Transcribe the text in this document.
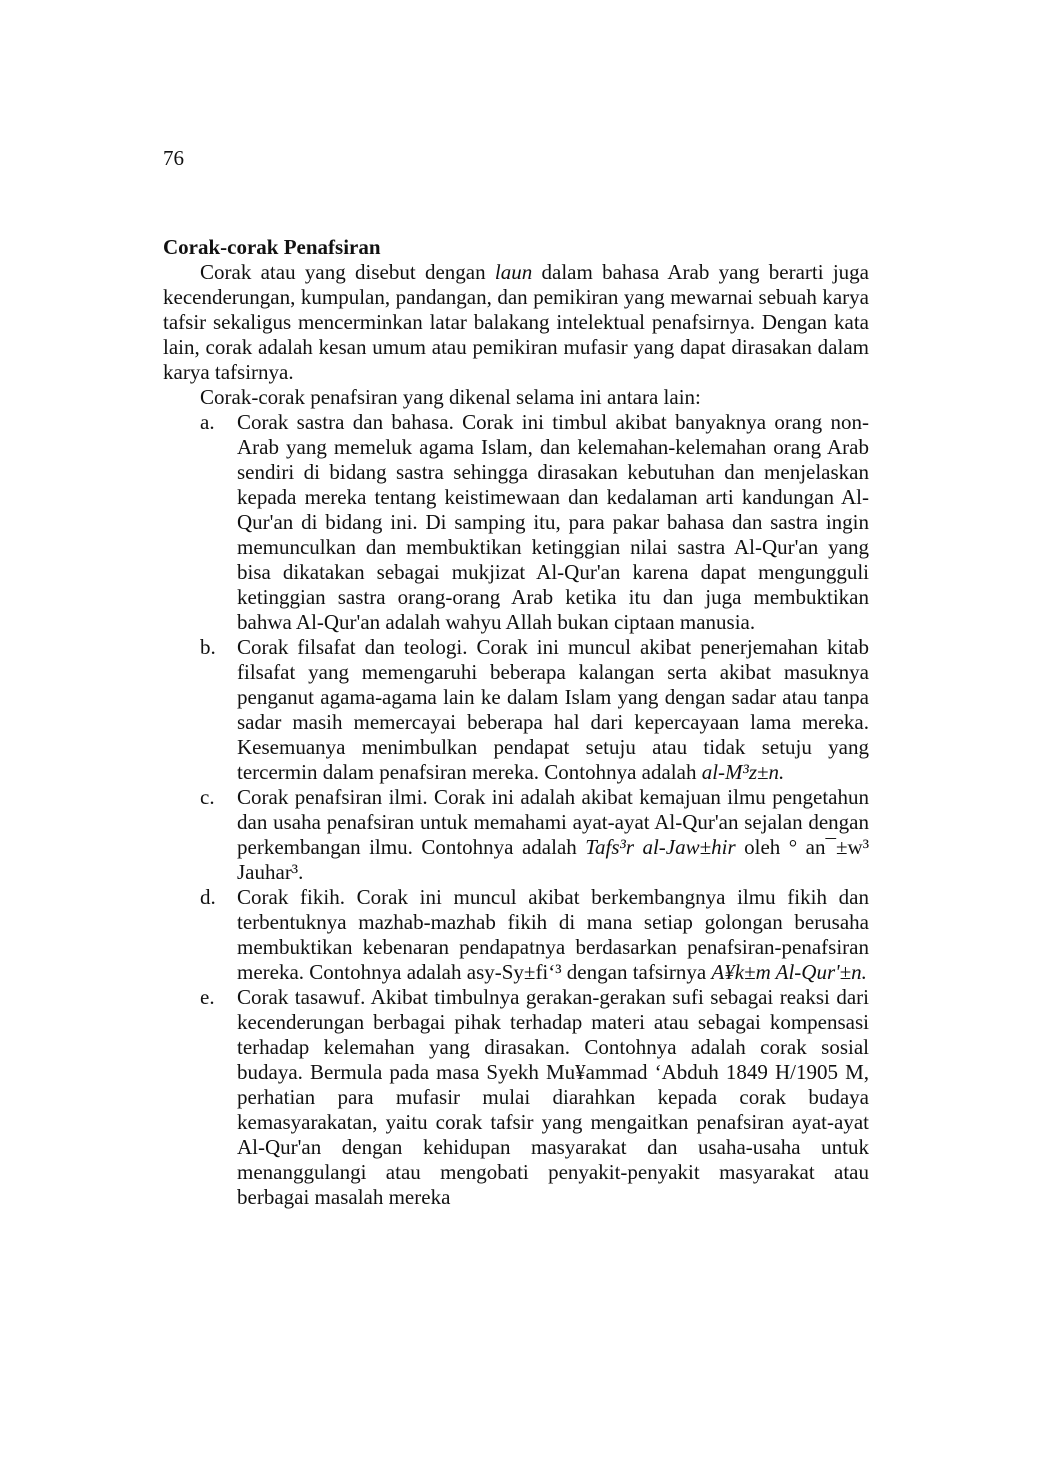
76
Corak-corak Penafsiran

Corak atau yang disebut dengan laun dalam bahasa Arab yang berarti juga kecenderungan, kumpulan, pandangan, dan pemikiran yang mewarnai sebuah karya tafsir sekaligus mencerminkan latar balakang intelektual penafsirnya. Dengan kata lain, corak adalah kesan umum atau pemikiran mufasir yang dapat dirasakan dalam karya tafsirnya.

Corak-corak penafsiran yang dikenal selama ini antara lain:

a. Corak sastra dan bahasa. Corak ini timbul akibat banyaknya orang non-Arab yang memeluk agama Islam, dan kelemahan-kelemahan orang Arab sendiri di bidang sastra sehingga dirasakan kebutuhan dan menjelaskan kepada mereka tentang keistimewaan dan kedalaman arti kandungan Al-Qur'an di bidang ini. Di samping itu, para pakar bahasa dan sastra ingin memunculkan dan membuktikan ketinggian nilai sastra Al-Qur'an yang bisa dikatakan sebagai mukjizat Al-Qur'an karena dapat mengungguli ketinggian sastra orang-orang Arab ketika itu dan juga membuktikan bahwa Al-Qur'an adalah wahyu Allah bukan ciptaan manusia.
b. Corak filsafat dan teologi. Corak ini muncul akibat penerjemahan kitab filsafat yang memengaruhi beberapa kalangan serta akibat masuknya penganut agama-agama lain ke dalam Islam yang dengan sadar atau tanpa sadar masih memercayai beberapa hal dari kepercayaan lama mereka. Kesemuanya menimbulkan pendapat setuju atau tidak setuju yang tercermin dalam penafsiran mereka. Contohnya adalah al-M³z±n.
c. Corak penafsiran ilmi. Corak ini adalah akibat kemajuan ilmu pengetahun dan usaha penafsiran untuk memahami ayat-ayat Al-Qur'an sejalan dengan perkembangan ilmu. Contohnya adalah Tafs³r al-Jaw±hir oleh ° an¯±w³ Jauhar³.
d. Corak fikih. Corak ini muncul akibat berkembangnya ilmu fikih dan terbentuknya mazhab-mazhab fikih di mana setiap golongan berusaha membuktikan kebenaran pendapatnya berdasarkan penafsiran-penafsiran mereka. Contohnya adalah asy-Sy±fi‘³ dengan tafsirnya A¥k±m Al-Qur'±n.
e. Corak tasawuf. Akibat timbulnya gerakan-gerakan sufi sebagai reaksi dari kecenderungan berbagai pihak terhadap materi atau sebagai kompensasi terhadap kelemahan yang dirasakan. Contohnya adalah corak sosial budaya. Bermula pada masa Syekh Mu¥ammad ‘Abduh 1849 H/1905 M, perhatian para mufasir mulai diarahkan kepada corak budaya kemasyarakatan, yaitu corak tafsir yang mengaitkan penafsiran ayat-ayat Al-Qur'an dengan kehidupan masyarakat dan usaha-usaha untuk menanggulangi atau mengobati penyakit-penyakit masyarakat atau berbagai masalah mereka
